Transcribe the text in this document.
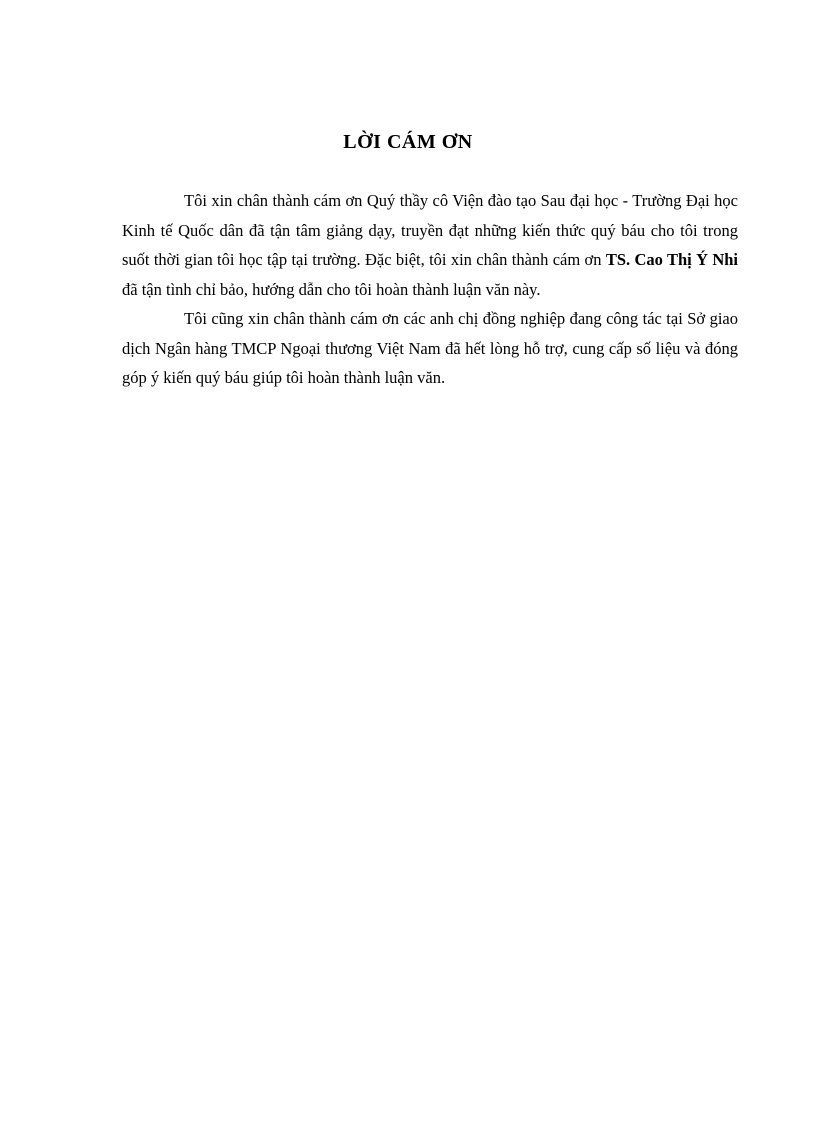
LỜI CÁM ƠN

Tôi xin chân thành cám ơn Quý thầy cô Viện đào tạo Sau đại học - Trường Đại học Kinh tế Quốc dân đã tận tâm giảng dạy, truyền đạt những kiến thức quý báu cho tôi trong suốt thời gian tôi học tập tại trường. Đặc biệt, tôi xin chân thành cám ơn TS. Cao Thị Ý Nhi đã tận tình chỉ bảo, hướng dẫn cho tôi hoàn thành luận văn này.

Tôi cũng xin chân thành cám ơn các anh chị đồng nghiệp đang công tác tại Sở giao dịch Ngân hàng TMCP Ngoại thương Việt Nam đã hết lòng hỗ trợ, cung cấp số liệu và đóng góp ý kiến quý báu giúp tôi hoàn thành luận văn.
